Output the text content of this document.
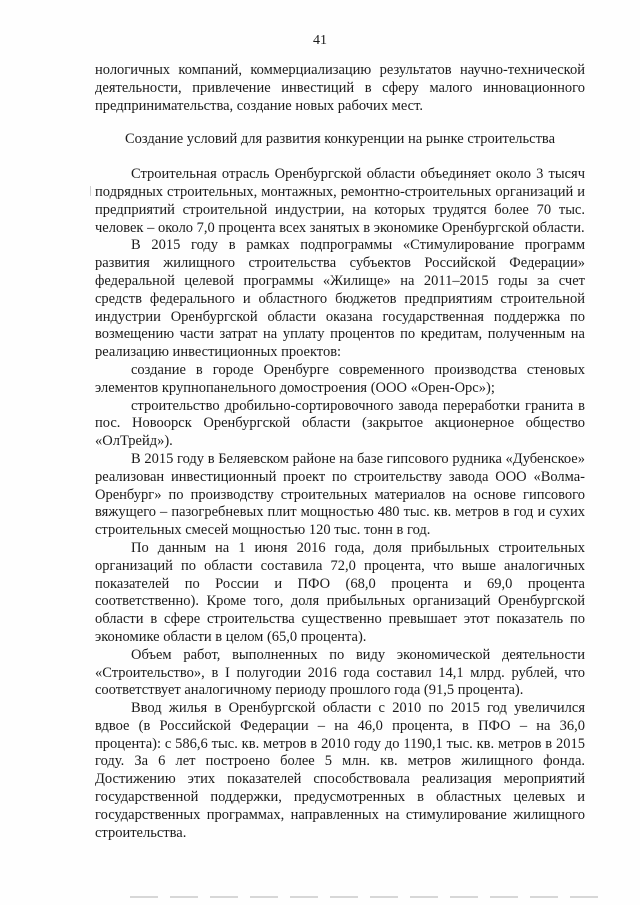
41

нологичных компаний, коммерциализацию результатов научно-технической деятельности, привлечение инвестиций в сферу малого инновационного предпринимательства, создание новых рабочих мест.

Создание условий для развития конкуренции на рынке строительства

Строительная отрасль Оренбургской области объединяет около 3 тысяч подрядных строительных, монтажных, ремонтно-строительных организаций и предприятий строительной индустрии, на которых трудятся более 70 тыс. человек – около 7,0 процента всех занятых в экономике Оренбургской области.

В 2015 году в рамках подпрограммы «Стимулирование программ развития жилищного строительства субъектов Российской Федерации» федеральной целевой программы «Жилище» на 2011–2015 годы за счет средств федерального и областного бюджетов предприятиям строительной индустрии Оренбургской области оказана государственная поддержка по возмещению части затрат на уплату процентов по кредитам, полученным на реализацию инвестиционных проектов:

создание в городе Оренбурге современного производства стеновых элементов крупнопанельного домостроения (ООО «Орен-Орс»);

строительство дробильно-сортировочного завода переработки гранита в пос. Новоорск Оренбургской области (закрытое акционерное общество «ОлТрейд»).

В 2015 году в Беляевском районе на базе гипсового рудника «Дубенское» реализован инвестиционный проект по строительству завода ООО «Волма-Оренбург» по производству строительных материалов на основе гипсового вяжущего – пазогребневых плит мощностью 480 тыс. кв. метров в год и сухих строительных смесей мощностью 120 тыс. тонн в год.

По данным на 1 июня 2016 года, доля прибыльных строительных организаций по области составила 72,0 процента, что выше аналогичных показателей по России и ПФО (68,0 процента и 69,0 процента соответственно). Кроме того, доля прибыльных организаций Оренбургской области в сфере строительства существенно превышает этот показатель по экономике области в целом (65,0 процента).

Объем работ, выполненных по виду экономической деятельности «Строительство», в I полугодии 2016 года составил 14,1 млрд. рублей, что соответствует аналогичному периоду прошлого года (91,5 процента).

Ввод жилья в Оренбургской области с 2010 по 2015 год увеличился вдвое (в Российской Федерации – на 46,0 процента, в ПФО – на 36,0 процента): с 586,6 тыс. кв. метров в 2010 году до 1190,1 тыс. кв. метров в 2015 году. За 6 лет построено более 5 млн. кв. метров жилищного фонда. Достижению этих показателей способствовала реализация мероприятий государственной поддержки, предусмотренных в областных целевых и государственных программах, направленных на стимулирование жилищного строительства.
